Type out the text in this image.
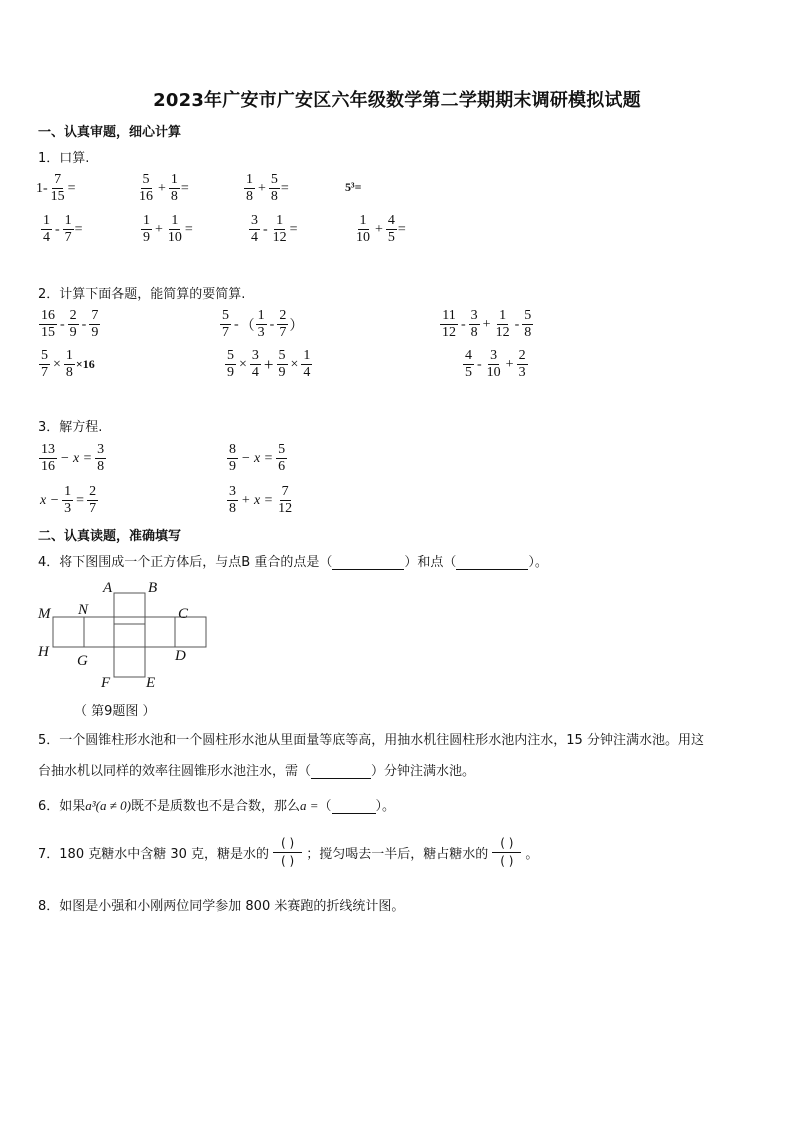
2023年广安市广安区六年级数学第二学期期末调研模拟试题
一、认真审题，细心计算
1．口算.
$1- \frac{7}{15}$ =	$\frac{5}{16} + \frac{1}{8}$ =	$\frac{1}{8} + \frac{5}{8}$ =	5³=
$\frac{1}{4} - \frac{1}{7}$ =	$\frac{1}{9} + \frac{1}{10}$ =	$\frac{3}{4} - \frac{1}{12}$ =	$\frac{1}{10} + \frac{4}{5}$ =
2．计算下面各题，能简算的要简算.
$\frac{16}{15} - \frac{2}{9} - \frac{7}{9}$	$\frac{5}{7}$ - （ $\frac{1}{3} - \frac{2}{7}$ ）	$\frac{11}{12} - \frac{3}{8} + \frac{1}{12} - \frac{5}{8}$
$\frac{5}{7} \times \frac{1}{8} \times 16$	$\frac{5}{9} \times \frac{3}{4} + \frac{5}{9} \times \frac{1}{4}$	$\frac{4}{5} - \frac{3}{10} + \frac{2}{3}$
3．解方程.
$\frac{13}{16} - x = \frac{3}{8}$	$\frac{8}{9} - x = \frac{5}{6}$
$x - \frac{1}{3} = \frac{2}{7}$	$\frac{3}{8} + x = \frac{7}{12}$
二、认真读题，准确填写
4．将下图围成一个正方体后，与点B 重合的点是（	）和点（	）。
A B
M N	C
H
G	D
F E
（ 第9题图 ）
5．一个圆锥柱形水池和一个圆柱形水池从里面量等底等高，用抽水机往圆柱形水池内注水，15 分钟注满水池。用这
台抽水机以同样的效率往圆锥形水池注水，需（	）分钟注满水池。
6．如果a³(a ≠ 0)既不是质数也不是合数，那么a =（	）。
7．180 克糖水中含糖 30 克，糖是水的
( )
( ) ；搅匀喝去一半后，糖占糖水的
( )
( ) 。
8．如图是小强和小刚两位同学参加 800 米赛跑的折线统计图。
